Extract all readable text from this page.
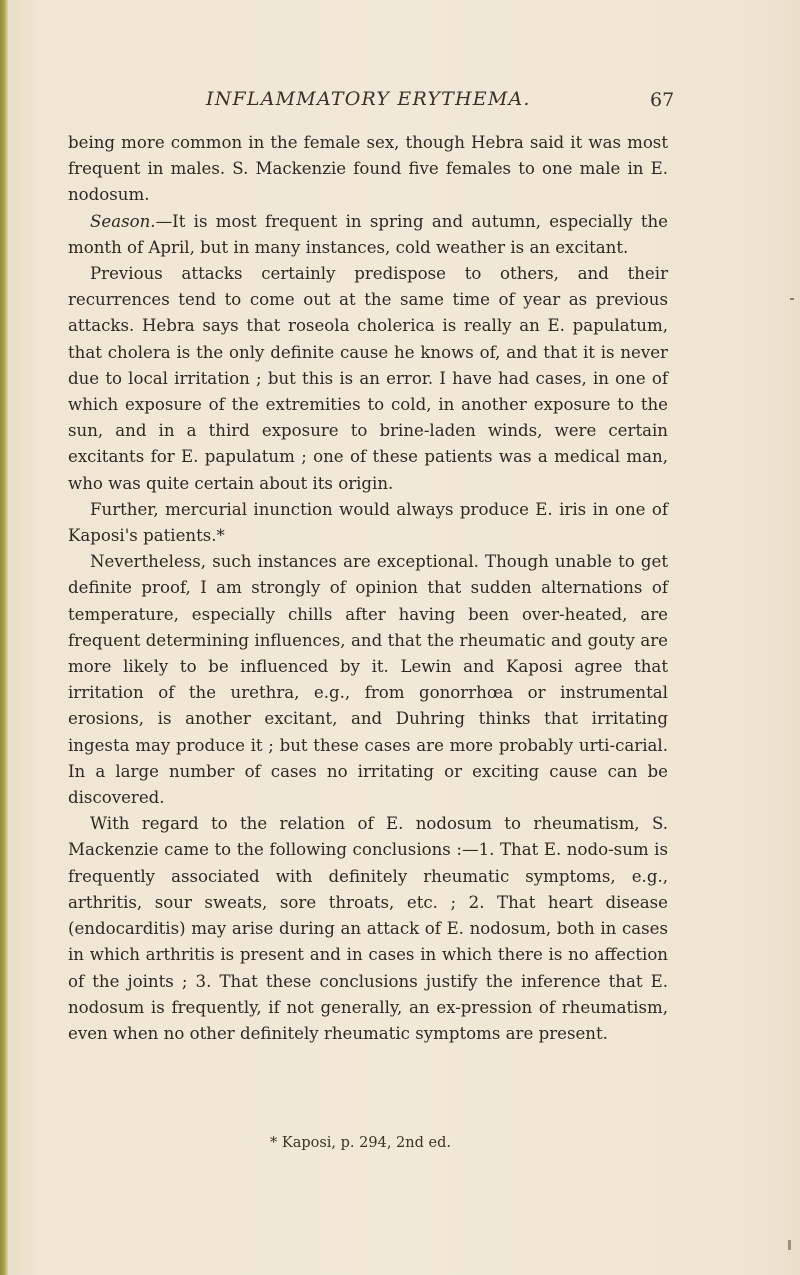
INFLAMMATORY ERYTHEMA.	67

being more common in the female sex, though Hebra said it was most frequent in males. S. Mackenzie found five females to one male in E. nodosum.

Season.—It is most frequent in spring and autumn, especially the month of April, but in many instances, cold weather is an excitant.

Previous attacks certainly predispose to others, and their recurrences tend to come out at the same time of year as previous attacks. Hebra says that roseola cholerica is really an E. papulatum, that cholera is the only definite cause he knows of, and that it is never due to local irritation ; but this is an error. I have had cases, in one of which exposure of the extremities to cold, in another exposure to the sun, and in a third exposure to brine-laden winds, were certain excitants for E. papulatum ; one of these patients was a medical man, who was quite certain about its origin.

Further, mercurial inunction would always produce E. iris in one of Kaposi's patients.*

Nevertheless, such instances are exceptional. Though unable to get definite proof, I am strongly of opinion that sudden alternations of temperature, especially chills after having been over-heated, are frequent determining influences, and that the rheumatic and gouty are more likely to be influenced by it. Lewin and Kaposi agree that irritation of the urethra, e.g., from gonorrhœa or instrumental erosions, is another excitant, and Duhring thinks that irritating ingesta may produce it ; but these cases are more probably urti-carial. In a large number of cases no irritating or exciting cause can be discovered.

With regard to the relation of E. nodosum to rheumatism, S. Mackenzie came to the following conclusions :—1. That E. nodo-sum is frequently associated with definitely rheumatic symptoms, e.g., arthritis, sour sweats, sore throats, etc. ; 2. That heart disease (endocarditis) may arise during an attack of E. nodosum, both in cases in which arthritis is present and in cases in which there is no affection of the joints ; 3. That these conclusions justify the inference that E. nodosum is frequently, if not generally, an ex-pression of rheumatism, even when no other definitely rheumatic symptoms are present.

* Kaposi, p. 294, 2nd ed.
